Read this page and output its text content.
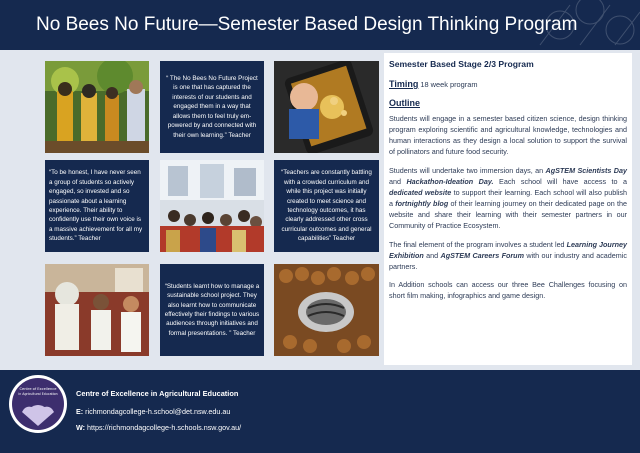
No Bees No Future—Semester Based Design Thinking Program
“ The No Bees No Future Project is one that has captured the interests of our students and engaged them in a way that allows them to feel truly em-powered by and connected with their own learning.” Teacher
“To be honest, I have never seen a group of students so actively engaged, so invested and so passionate about a learning experience. Their ability to confidently use their own voice is a massive achievement for all my students.” Teacher
“Teachers are constantly battling with a crowded curriculum and while this project was initially created to meet science and technology outcomes, it has clearly addressed other cross curricular outcomes and general capabilities” Teacher
“Students learnt how to manage a sustainable school project. They also learnt how to communicate effectively their findings to various audiences through initiatives and formal presentations. ” Teacher
Semester Based Stage 2/3 Program
Timing 18 week program
Outline

Students will engage in a semester based citizen science, design thinking program exploring scientific and agricultural knowledge, technologies and human interactions as they design a local solution to support the survival of pollinators and future food security.

Students will undertake two immersion days, an AgSTEM Scientists Day and Hackathon-Ideation Day. Each school will have access to a dedicated website to support their learning. Each school will also publish a fortnightly blog of their learning journey on their dedicated page on the website and share their learning with their semester partners in our Community of Practice Ecosystem.

The final element of the program involves a student led Learning Journey Exhibition and AgSTEM Careers Forum with our industry and academic partners.

In Addition schools can access our three Bee Challenges focusing on short film making, infographics and game design.

Centre of Excellence
in Agricultural Education Centre of Excellence in Agricultural Education
E: richmondagcollege-h.school@det.nsw.edu.au
W: https://richmondagcollege-h.schools.nsw.gov.au/
